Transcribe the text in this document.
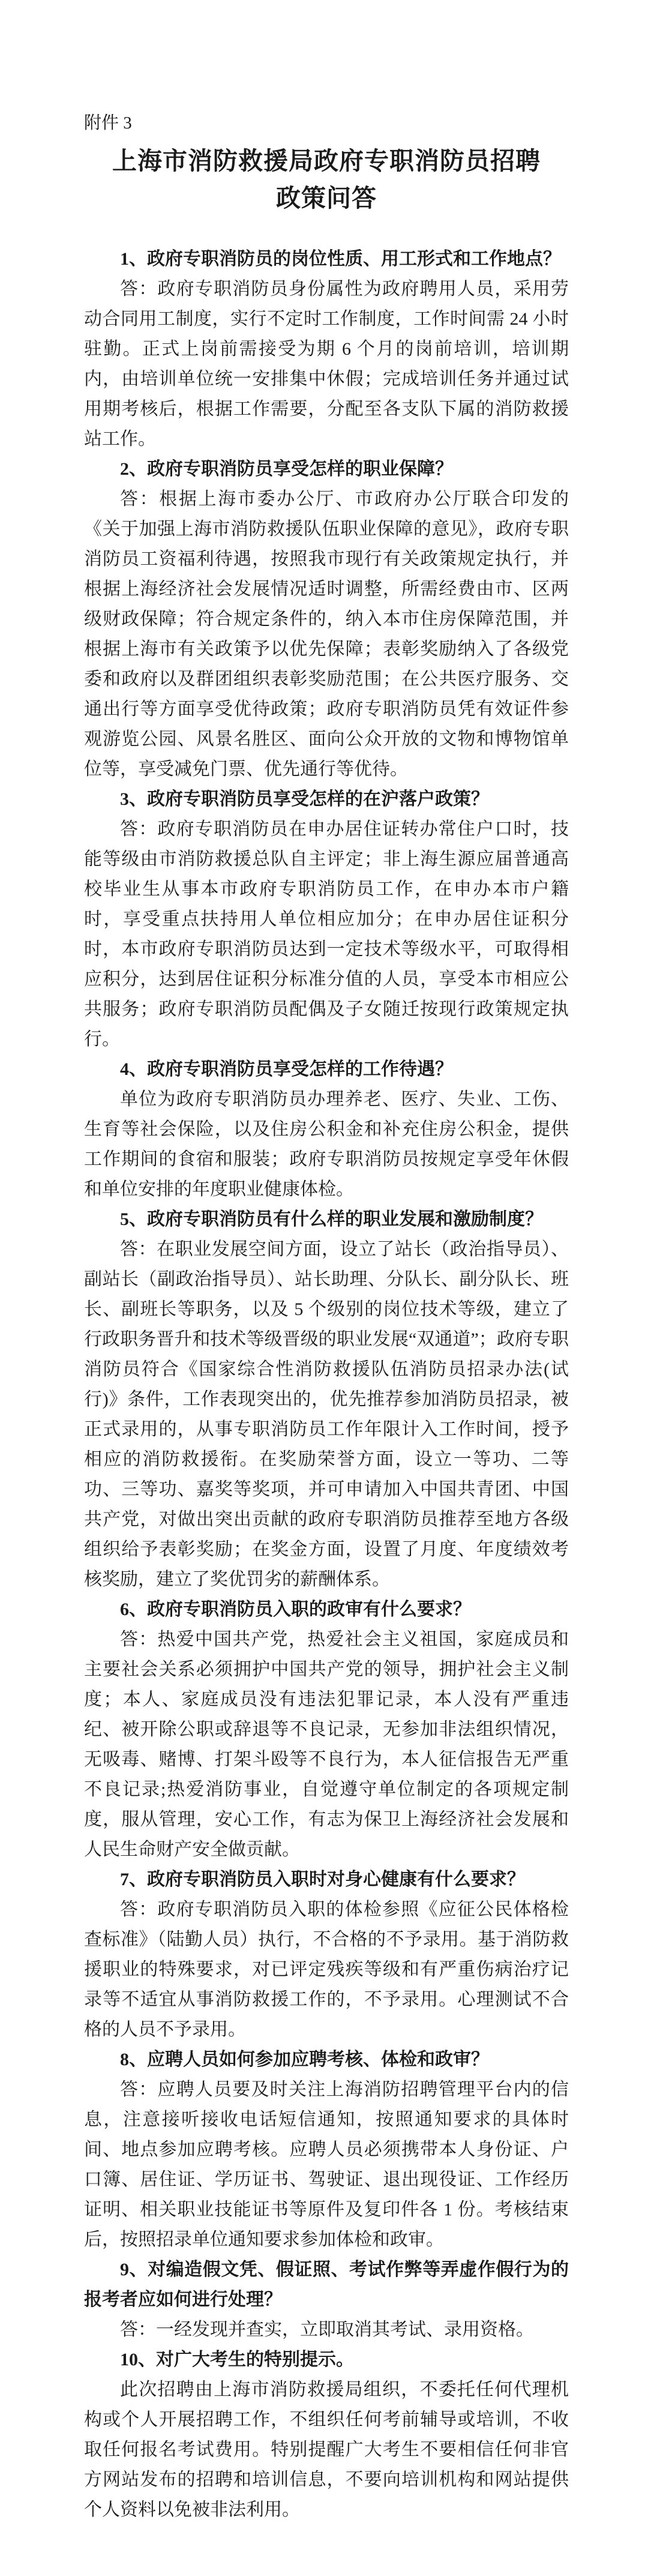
附件 3
上海市消防救援局政府专职消防员招聘
政策问答

1、政府专职消防员的岗位性质、用工形式和工作地点？

答：政府专职消防员身份属性为政府聘用人员，采用劳动合同用工制度，实行不定时工作制度，工作时间需 24 小时驻勤。正式上岗前需接受为期 6 个月的岗前培训，培训期内，由培训单位统一安排集中休假；完成培训任务并通过试用期考核后，根据工作需要，分配至各支队下属的消防救援站工作。

2、政府专职消防员享受怎样的职业保障？

答：根据上海市委办公厅、市政府办公厅联合印发的《关于加强上海市消防救援队伍职业保障的意见》，政府专职消防员工资福利待遇，按照我市现行有关政策规定执行，并根据上海经济社会发展情况适时调整，所需经费由市、区两级财政保障；符合规定条件的，纳入本市住房保障范围，并根据上海市有关政策予以优先保障；表彰奖励纳入了各级党委和政府以及群团组织表彰奖励范围；在公共医疗服务、交通出行等方面享受优待政策；政府专职消防员凭有效证件参观游览公园、风景名胜区、面向公众开放的文物和博物馆单位等，享受减免门票、优先通行等优待。

3、政府专职消防员享受怎样的在沪落户政策？

答：政府专职消防员在申办居住证转办常住户口时，技能等级由市消防救援总队自主评定；非上海生源应届普通高校毕业生从事本市政府专职消防员工作，在申办本市户籍时，享受重点扶持用人单位相应加分；在申办居住证积分时，本市政府专职消防员达到一定技术等级水平，可取得相应积分，达到居住证积分标准分值的人员，享受本市相应公共服务；政府专职消防员配偶及子女随迁按现行政策规定执行。

4、政府专职消防员享受怎样的工作待遇？

单位为政府专职消防员办理养老、医疗、失业、工伤、生育等社会保险，以及住房公积金和补充住房公积金，提供工作期间的食宿和服装；政府专职消防员按规定享受年休假和单位安排的年度职业健康体检。

5、政府专职消防员有什么样的职业发展和激励制度？

答：在职业发展空间方面，设立了站长（政治指导员）、副站长（副政治指导员）、站长助理、分队长、副分队长、班长、副班长等职务，以及 5 个级别的岗位技术等级，建立了行政职务晋升和技术等级晋级的职业发展“双通道”；政府专职消防员符合《国家综合性消防救援队伍消防员招录办法(试行)》条件，工作表现突出的，优先推荐参加消防员招录，被正式录用的，从事专职消防员工作年限计入工作时间，授予相应的消防救援衔。在奖励荣誉方面，设立一等功、二等功、三等功、嘉奖等奖项，并可申请加入中国共青团、中国共产党，对做出突出贡献的政府专职消防员推荐至地方各级组织给予表彰奖励；在奖金方面，设置了月度、年度绩效考核奖励，建立了奖优罚劣的薪酬体系。

6、政府专职消防员入职的政审有什么要求？

答：热爱中国共产党，热爱社会主义祖国，家庭成员和主要社会关系必须拥护中国共产党的领导，拥护社会主义制度；本人、家庭成员没有违法犯罪记录，本人没有严重违纪、被开除公职或辞退等不良记录，无参加非法组织情况，无吸毒、赌博、打架斗殴等不良行为，本人征信报告无严重不良记录;热爱消防事业，自觉遵守单位制定的各项规定制度，服从管理，安心工作，有志为保卫上海经济社会发展和人民生命财产安全做贡献。

7、政府专职消防员入职时对身心健康有什么要求？

答：政府专职消防员入职的体检参照《应征公民体格检查标准》（陆勤人员）执行，不合格的不予录用。基于消防救援职业的特殊要求，对已评定残疾等级和有严重伤病治疗记录等不适宜从事消防救援工作的，不予录用。心理测试不合格的人员不予录用。

8、应聘人员如何参加应聘考核、体检和政审？

答：应聘人员要及时关注上海消防招聘管理平台内的信息，注意接听接收电话短信通知，按照通知要求的具体时间、地点参加应聘考核。应聘人员必须携带本人身份证、户口簿、居住证、学历证书、驾驶证、退出现役证、工作经历证明、相关职业技能证书等原件及复印件各 1 份。考核结束后，按照招录单位通知要求参加体检和政审。

9、对编造假文凭、假证照、考试作弊等弄虚作假行为的报考者应如何进行处理？

答：一经发现并查实，立即取消其考试、录用资格。

10、对广大考生的特别提示。

此次招聘由上海市消防救援局组织，不委托任何代理机构或个人开展招聘工作，不组织任何考前辅导或培训，不收取任何报名考试费用。特别提醒广大考生不要相信任何非官方网站发布的招聘和培训信息，不要向培训机构和网站提供个人资料以免被非法利用。
